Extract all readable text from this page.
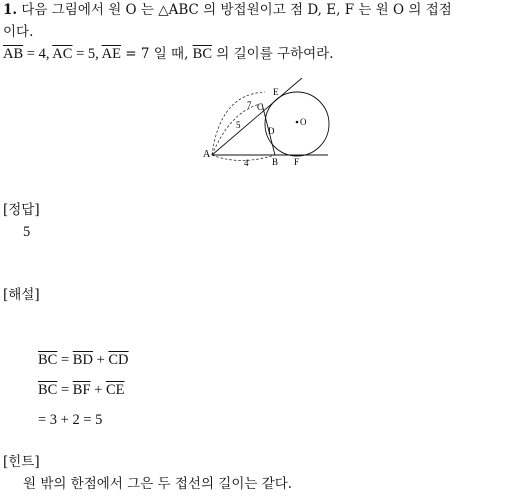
1. 다음 그림에서 원 O 는 △ABC 의 방접원이고 점 D, E, F 는 원 O 의 접점
이다.
$\overline{AB} = 4$, $\overline{AC} = 5$, $\overline{AE} = 7$ 일 때, $\overline{BC}$ 의 길이를 구하여라.
A
B
C
D
E
F
O
7
5
4
[정답]
5
[해설]
$\overline{BC} = \overline{BD} + \overline{CD}$
$\overline{BC} = \overline{BF} + \overline{CE}$
= 3 + 2 = 5
[힌트]
원 밖의 한점에서 그은 두 접선의 길이는 같다.
